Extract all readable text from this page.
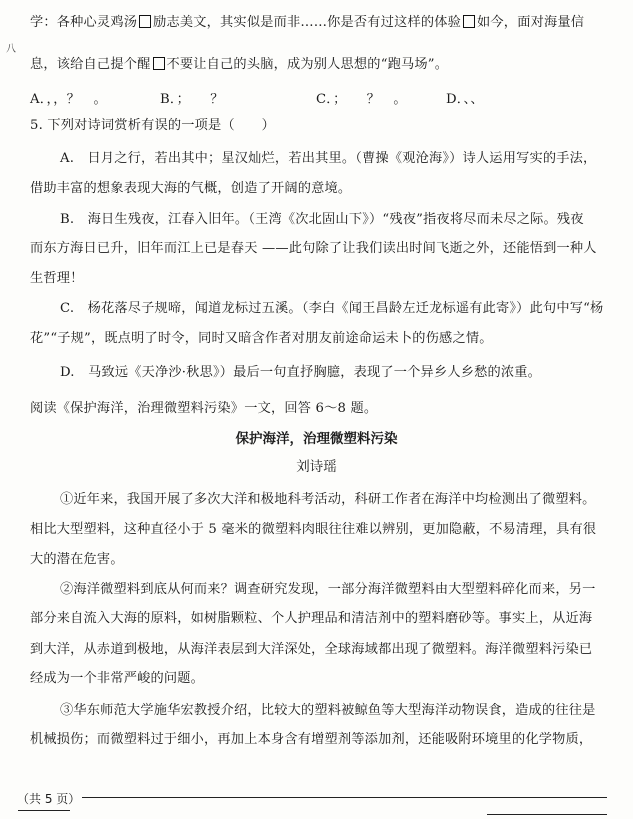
八
学：各种心灵鸡汤 励志美文，其实似是而非……你是否有过这样的体验 如今，面对海量信
息，该给自己提个醒 不要让自己的头脑，成为别人思想的“跑马场”。
A．，，？　。	B．；　　？	C．；　　？　。	D．、、
5. 下列对诗词赏析有误的一项是（　　）
A.　日月之行，若出其中；星汉灿烂，若出其里。（曹操《观沧海》）诗人运用写实的手法，
借助丰富的想象表现大海的气概，创造了开阔的意境。
B.　海日生残夜，江春入旧年。（王湾《次北固山下》）“残夜”指夜将尽而未尽之际。残夜
而东方海日已升，旧年而江上已是春天 ——此句除了让我们读出时间飞逝之外，还能悟到一种人
生哲理！
C.　杨花落尽子规啼，闻道龙标过五溪。（李白《闻王昌龄左迁龙标遥有此寄》）此句中写“杨
花”“子规”，既点明了时令，同时又暗含作者对朋友前途命运未卜的伤感之情。
D.　马致远《天净沙·秋思》）最后一句直抒胸臆，表现了一个异乡人乡愁的浓重。
阅读《保护海洋，治理微塑料污染》一文，回答 6～8 题。
保护海洋，治理微塑料污染
刘诗瑶
①近年来，我国开展了多次大洋和极地科考活动，科研工作者在海洋中均检测出了微塑料。
相比大型塑料，这种直径小于 5 毫米的微塑料肉眼往往难以辨别，更加隐蔽，不易清理，具有很
大的潜在危害。
②海洋微塑料到底从何而来？调查研究发现，一部分海洋微塑料由大型塑料碎化而来，另一
部分来自流入大海的原料，如树脂颗粒、个人护理品和清洁剂中的塑料磨砂等。事实上，从近海
到大洋，从赤道到极地，从海洋表层到大洋深处，全球海域都出现了微塑料。海洋微塑料污染已
经成为一个非常严峻的问题。
③华东师范大学施华宏教授介绍，比较大的塑料被鲸鱼等大型海洋动物误食，造成的往往是
机械损伤；而微塑料过于细小，再加上本身含有增塑剂等添加剂，还能吸附环境里的化学物质，
（共 5 页）
